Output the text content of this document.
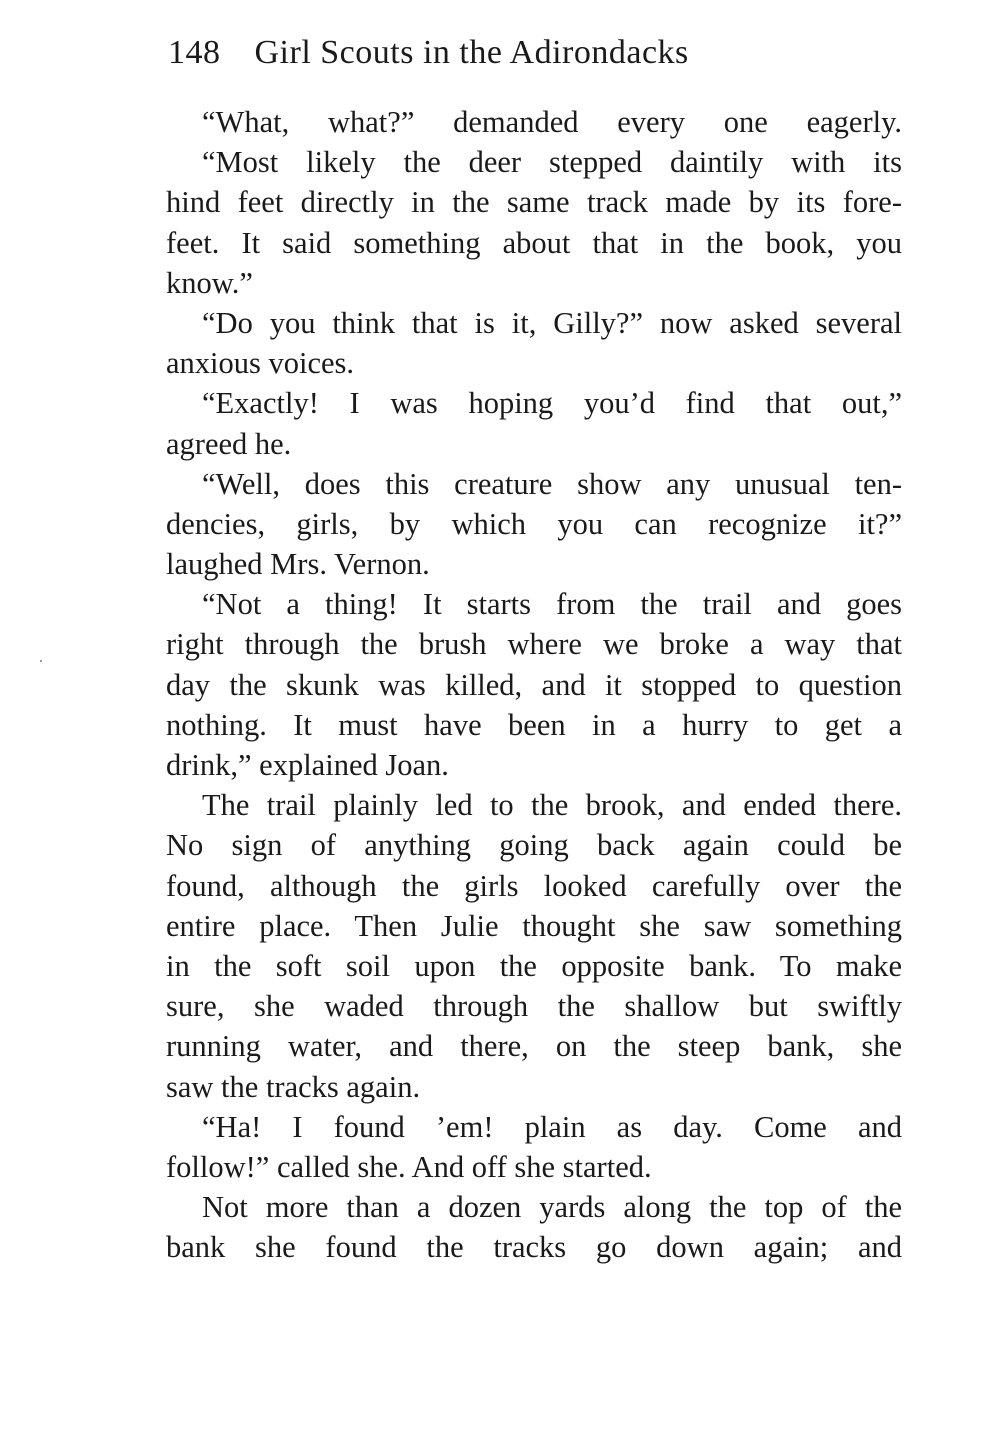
148 Girl Scouts in the Adirondacks
“What, what?” demanded every one eagerly.
“Most likely the deer stepped daintily with its
hind feet directly in the same track made by its fore-
feet. It said something about that in the book, you
know.”
“Do you think that is it, Gilly?” now asked several
anxious voices.
“Exactly! I was hoping you’d find that out,”
agreed he.
“Well, does this creature show any unusual ten-
dencies, girls, by which you can recognize it?”
laughed Mrs. Vernon.
“Not a thing! It starts from the trail and goes
right through the brush where we broke a way that
day the skunk was killed, and it stopped to question
nothing. It must have been in a hurry to get a
drink,” explained Joan.
The trail plainly led to the brook, and ended there.
No sign of anything going back again could be
found, although the girls looked carefully over the
entire place. Then Julie thought she saw something
in the soft soil upon the opposite bank. To make
sure, she waded through the shallow but swiftly
running water, and there, on the steep bank, she
saw the tracks again.
“Ha! I found ’em! plain as day. Come and
follow!” called she. And off she started.
Not more than a dozen yards along the top of the
bank she found the tracks go down again; and
